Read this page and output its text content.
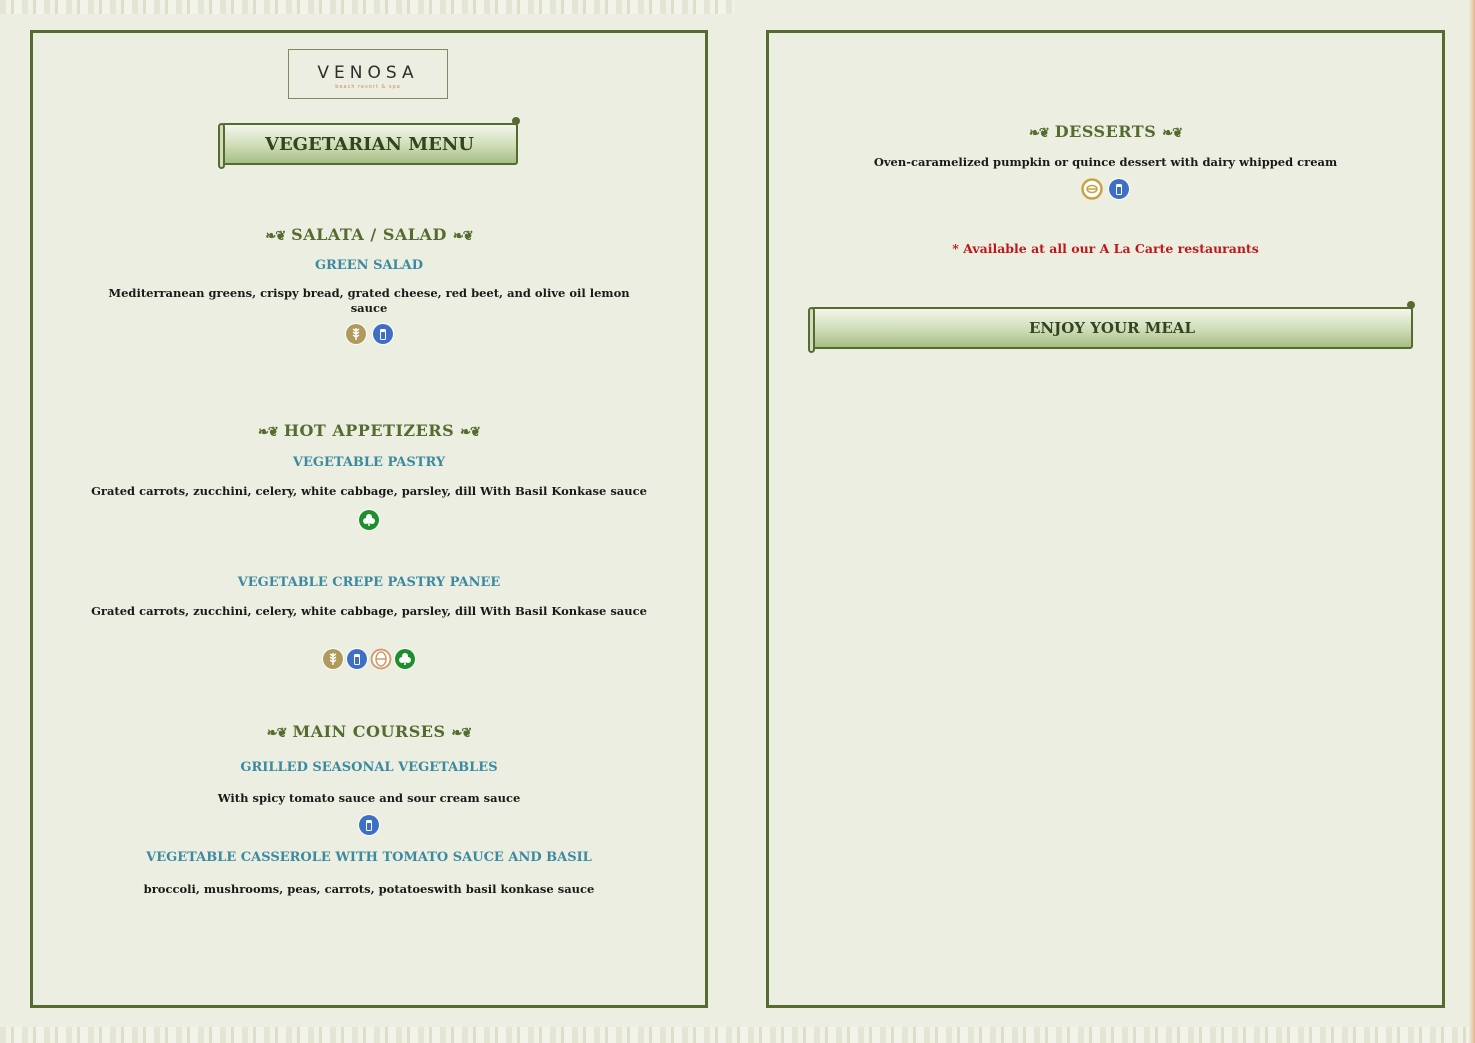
VENOSA
beach resort & spa
VEGETARIAN MENU
❧❦ SALATA / SALAD ❧❦
GREEN SALAD
Mediterranean greens, crispy bread, grated cheese, red beet, and olive oil lemon sauce
❧❦ HOT APPETIZERS ❧❦
VEGETABLE PASTRY
Grated carrots, zucchini, celery, white cabbage, parsley, dill With Basil Konkase sauce
VEGETABLE CREPE PASTRY PANEE
Grated carrots, zucchini, celery, white cabbage, parsley, dill With Basil Konkase sauce
❧❦ MAIN COURSES ❧❦
GRILLED SEASONAL VEGETABLES
With spicy tomato sauce and sour cream sauce
VEGETABLE CASSEROLE WITH TOMATO SAUCE AND BASIL
broccoli, mushrooms, peas, carrots, potatoeswith basil konkase sauce
❧❦ DESSERTS ❧❦
Oven-caramelized pumpkin or quince dessert with dairy whipped cream
* Available at all our A La Carte restaurants
ENJOY YOUR MEAL
